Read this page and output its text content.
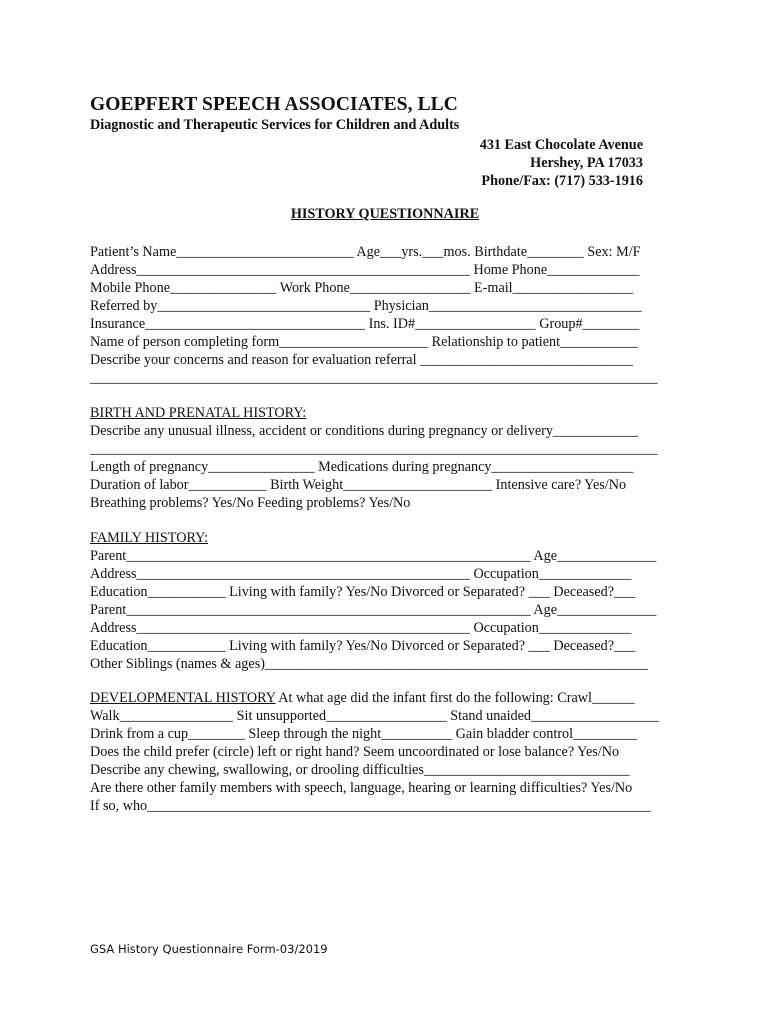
GOEPFERT SPEECH ASSOCIATES, LLC
Diagnostic and Therapeutic Services for Children and Adults
431 East Chocolate Avenue
Hershey, PA 17033
Phone/Fax: (717) 533-1916
HISTORY QUESTIONNAIRE
Patient’s Name_________________________ Age___yrs.___mos. Birthdate________ Sex: M/F
Address_______________________________________________ Home Phone_____________
Mobile Phone_______________ Work Phone_________________ E-mail_________________
Referred by______________________________ Physician______________________________
Insurance_______________________________ Ins. ID#_________________ Group#________
Name of person completing form_____________________ Relationship to patient___________
Describe your concerns and reason for evaluation referral ______________________________
________________________________________________________________________________
BIRTH AND PRENATAL HISTORY:
Describe any unusual illness, accident or conditions during pregnancy or delivery____________
________________________________________________________________________________
Length of pregnancy_______________ Medications during pregnancy____________________
Duration of labor___________ Birth Weight_____________________ Intensive care? Yes/No
Breathing problems? Yes/No Feeding problems? Yes/No
FAMILY HISTORY:
Parent_________________________________________________________ Age______________
Address_______________________________________________ Occupation_____________
Education___________ Living with family? Yes/No Divorced or Separated? ___ Deceased?___
Parent_________________________________________________________ Age______________
Address_______________________________________________ Occupation_____________
Education___________ Living with family? Yes/No Divorced or Separated? ___ Deceased?___
Other Siblings (names & ages)______________________________________________________
DEVELOPMENTAL HISTORY At what age did the infant first do the following: Crawl______
Walk________________ Sit unsupported_________________ Stand unaided__________________
Drink from a cup________ Sleep through the night__________ Gain bladder control_________
Does the child prefer (circle) left or right hand? Seem uncoordinated or lose balance? Yes/No
Describe any chewing, swallowing, or drooling difficulties_____________________________
Are there other family members with speech, language, hearing or learning difficulties? Yes/No
If so, who_______________________________________________________________________
GSA History Questionnaire Form-03/2019
